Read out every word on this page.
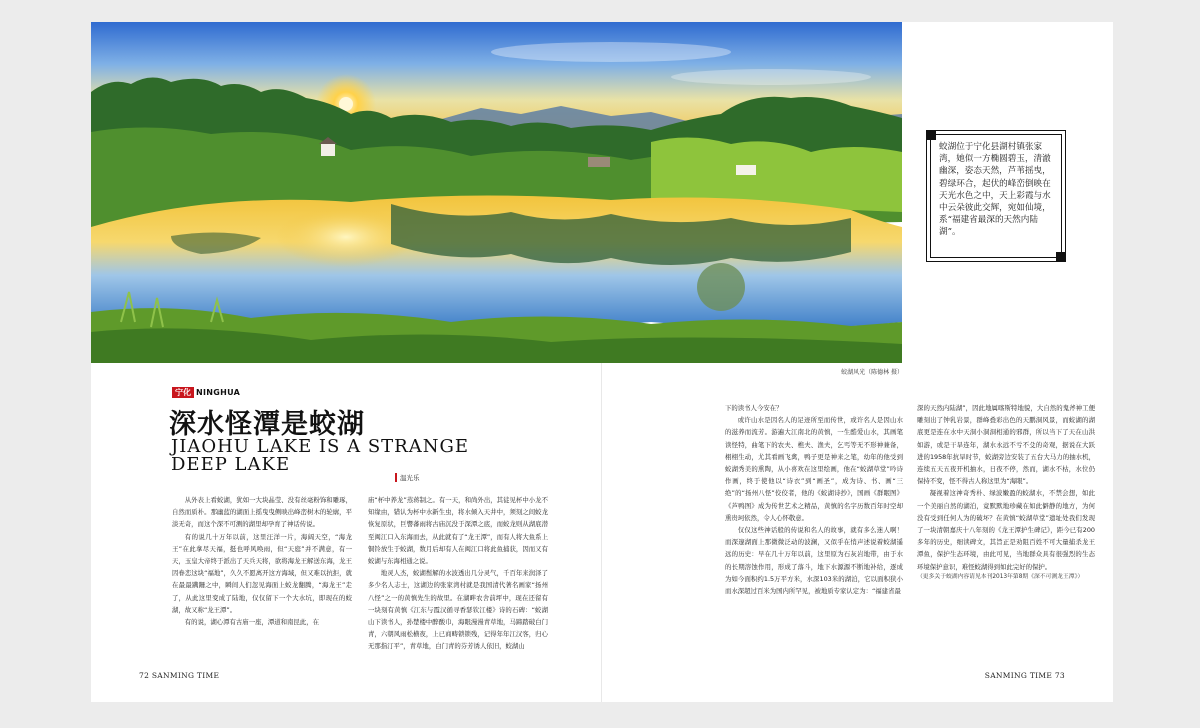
蛟湖风光（陈德林 摄）
蛟湖位于宁化县湖村镇张家湾，她似一方椭圆碧玉，清澈幽深，姿态天然，芦苇摇曳，碧绿环合，起伏的峰峦倒映在天光水色之中，天上彩霞与水中云朵彼此交辉，宛如仙境，系“福建省最深的天然内陆湖”。
宁化 NINGHUA
深水怪潭是蛟湖
JIAOHU LAKE IS A STRANGE DEEP LAKE
温光乐

从外表上看蛟湖，犹如一大块晶莹、没有丝毫粉饰和雕琢，自然而质朴。那幽蓝的湖面上摇曳曳侧映出峰峦树木的轮廓，平淡无奇，而这个深不可测的湖里却孕育了神话传说。

有的说几十万年以前，这里汪洋一片，海阔天空，“海龙王”在此拿尽天福，挺也呼风唤雨，但“天庭”并不满意，有一天，玉皇大帝终于派出了天兵天将，欲将海龙王解送东海，龙王因眷恋这块“福地”，久久不愿离开这方海域，但又难以抗拒，就在最最蹒跚之中，瞬间人们忽见海面上蛟龙翻腾，“海龙王”走了，从此这里变成了陆地，仅仅留下一个大水坑，即现在的蛟湖，故又称“龙王潭”。

有的说，湖心潭有古庙一座，潭道和南昆此，在

庙“杯中养龙”蒸蒋制之。有一天，和尚外出，其徒见杯中小龙不知缘由，错认为杯中水新生虫，将水倾入天井中，须刻之间蛟龙恢复原状，巨響蕃雨将古庙沉没于深潭之底，而蛟龙则从湖底潜至闽江口入东海而去，从此就有了“龙王潭”，而有人将大鱼系上铜铃放生于蛟湖，数月后却有人在闽江口将此鱼捕获，因而又有蛟湖与东海相通之说。

地灵人杰，蛟湖鬃解的水波透出几分灵气，千百年来润泽了多少名人志士，这湖边的张家湾村就是我国清代著名画家“扬州八怪”之一的黄慎先生的故里。在湖畔农舍前坪中，现在还留有一块刻有黄慎《江东与霞汉循寻香瑟钦江楼》诗的石碑：“蛟湖山下读书人，孙楚楼中醉酸巾，海眼漫漫青草地，马蹄踏破白门青，六朝风雨松横夜，上已商畴锁锁残，记得年年江汉客，归心无那指汀平”，青草地，白门青的芬芳诱人依旧，蛟湖山

下的读书人今安在？

或许山水是因名人的足迹所至而传世，或许名人是因山水的滋养而流芳。游遍大江南北的黄慎，一生酷爱山水，其画笔读怪特，曲笔下的农夫、樵夫、渔夫，乞丐等无不形神兼备，栩栩生动，尤其看画飞禽，鸭子更是神来之笔，幼年的他受到蛟湖秀美的熏陶，从小喜欢在这里绘画，他在“蛟湖草堂”吟诗作画，终于使他以“诗衣”到“画圣”，成为诗、书、画“三绝”的“扬州八怪”佼佼者，他的《蛟湖诗抄》，国画《群眠图》《芦鸭图》成为传世艺术之精品，黄慎的名字历数百年时空却熏贵珂依然，令人心怀敬意。

仅仅这些神话般的传说和名人的故事，就有多么迷人啊！而深邃湖面上那微微泛动的波澜，又似乎在悄声述说着蛟湖遥远的历史：早在几十万年以前，这里原为石灰岩地带，由于水的长期溶蚀作用，形成了落斗，地下水源源不断地补给，逐成为如今面积约1.5万平方米，水深103米的湖泊，它以面积狭小而水深超过百米为国内所罕见，被地质专家认定为：“福建省最

深的天然内陆湖”，因此地属喀斯特地貌，大自然的鬼斧神工便雕刻出了钟乳岩景，群峰叠彩出色的天鹏洞风景，而蛟湖的湖底更是连在水中天洞小洞洞相通的邪群，所以当下了天在山洪如游，或是干旱连年，湖水永远不亏不殳的奇观，据说在大跃进的1958年抗旱时节，蛟湖旁边安装了五台大马力的抽水机，连续五天五夜开机抽水，日夜不停，然而，湖水不枯，水位仍保持不变，怪不得古人称这里为“海眼”。

凝视着这神奇秀朴、绿波嫩盈的蛟湖水，不禁会想，如此一个美丽自然的湖泊，竟默默地珍藏在如此僻静的地方，为何没有受到任何人为的破坏？在黄慎“蛟湖草堂”遗址处我们发现了一块清朝嘉庆十八年刻的《龙王潭护生碑记》，距今已有200多年的历史，细读碑文，其旨正是劝阻百姓不可大量捕杀龙王潭鱼，保护生态环境，由此可见，当地群众具有很强烈的生态环境保护意识，难怪蛟湖得到如此完好的保护。

（更多关于蛟湖内容请见本刊2013年第8期《深不可测龙王潭》）

72 SANMING TIME	SANMING TIME 73
